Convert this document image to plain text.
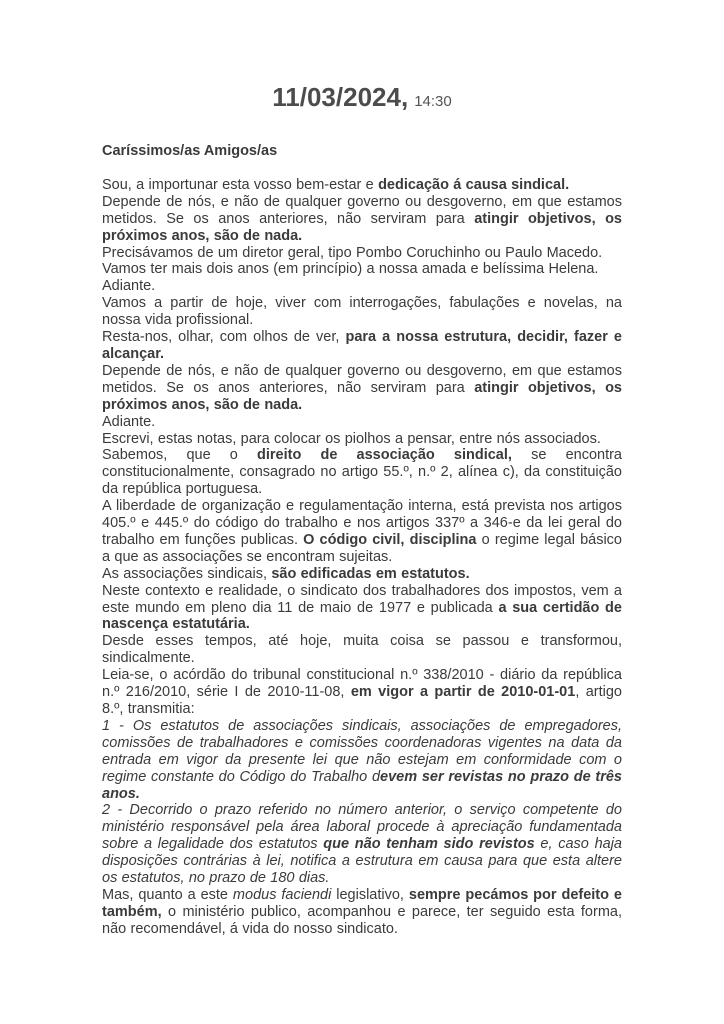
11/03/2024, 14:30

Caríssimos/as Amigos/as

Sou, a importunar esta vosso bem-estar e dedicação á causa sindical.

Depende de nós, e não de qualquer governo ou desgoverno, em que estamos metidos. Se os anos anteriores, não serviram para atingir objetivos, os próximos anos, são de nada.

Precisávamos de um diretor geral, tipo Pombo Coruchinho ou Paulo Macedo.

Vamos ter mais dois anos (em princípio) a nossa amada e belíssima Helena.

Adiante.

Vamos a partir de hoje, viver com interrogações, fabulações e novelas, na nossa vida profissional.

Resta-nos, olhar, com olhos de ver, para a nossa estrutura, decidir, fazer e alcançar.

Depende de nós, e não de qualquer governo ou desgoverno, em que estamos metidos. Se os anos anteriores, não serviram para atingir objetivos, os próximos anos, são de nada.

Adiante.

Escrevi, estas notas, para colocar os piolhos a pensar, entre nós associados.

Sabemos, que o direito de associação sindical, se encontra constitucionalmente, consagrado no artigo 55.º, n.º 2, alínea c), da constituição da república portuguesa.

A liberdade de organização e regulamentação interna, está prevista nos artigos 405.º e 445.º do código do trabalho e nos artigos 337º a 346-e da lei geral do trabalho em funções publicas. O código civil, disciplina o regime legal básico a que as associações se encontram sujeitas.

As associações sindicais, são edificadas em estatutos.

Neste contexto e realidade, o sindicato dos trabalhadores dos impostos, vem a este mundo em pleno dia 11 de maio de 1977 e publicada a sua certidão de nascença estatutária.

Desde esses tempos, até hoje, muita coisa se passou e transformou, sindicalmente.

Leia-se, o acórdão do tribunal constitucional n.º 338/2010 - diário da república n.º 216/2010, série I de 2010-11-08, em vigor a partir de 2010-01-01, artigo 8.º, transmitia:

1 - Os estatutos de associações sindicais, associações de empregadores, comissões de trabalhadores e comissões coordenadoras vigentes na data da entrada em vigor da presente lei que não estejam em conformidade com o regime constante do Código do Trabalho devem ser revistas no prazo de três anos.

2 - Decorrido o prazo referido no número anterior, o serviço competente do ministério responsável pela área laboral procede à apreciação fundamentada sobre a legalidade dos estatutos que não tenham sido revistos e, caso haja disposições contrárias à lei, notifica a estrutura em causa para que esta altere os estatutos, no prazo de 180 dias.

Mas, quanto a este modus faciendi legislativo, sempre pecámos por defeito e também, o ministério publico, acompanhou e parece, ter seguido esta forma, não recomendável, á vida do nosso sindicato.
